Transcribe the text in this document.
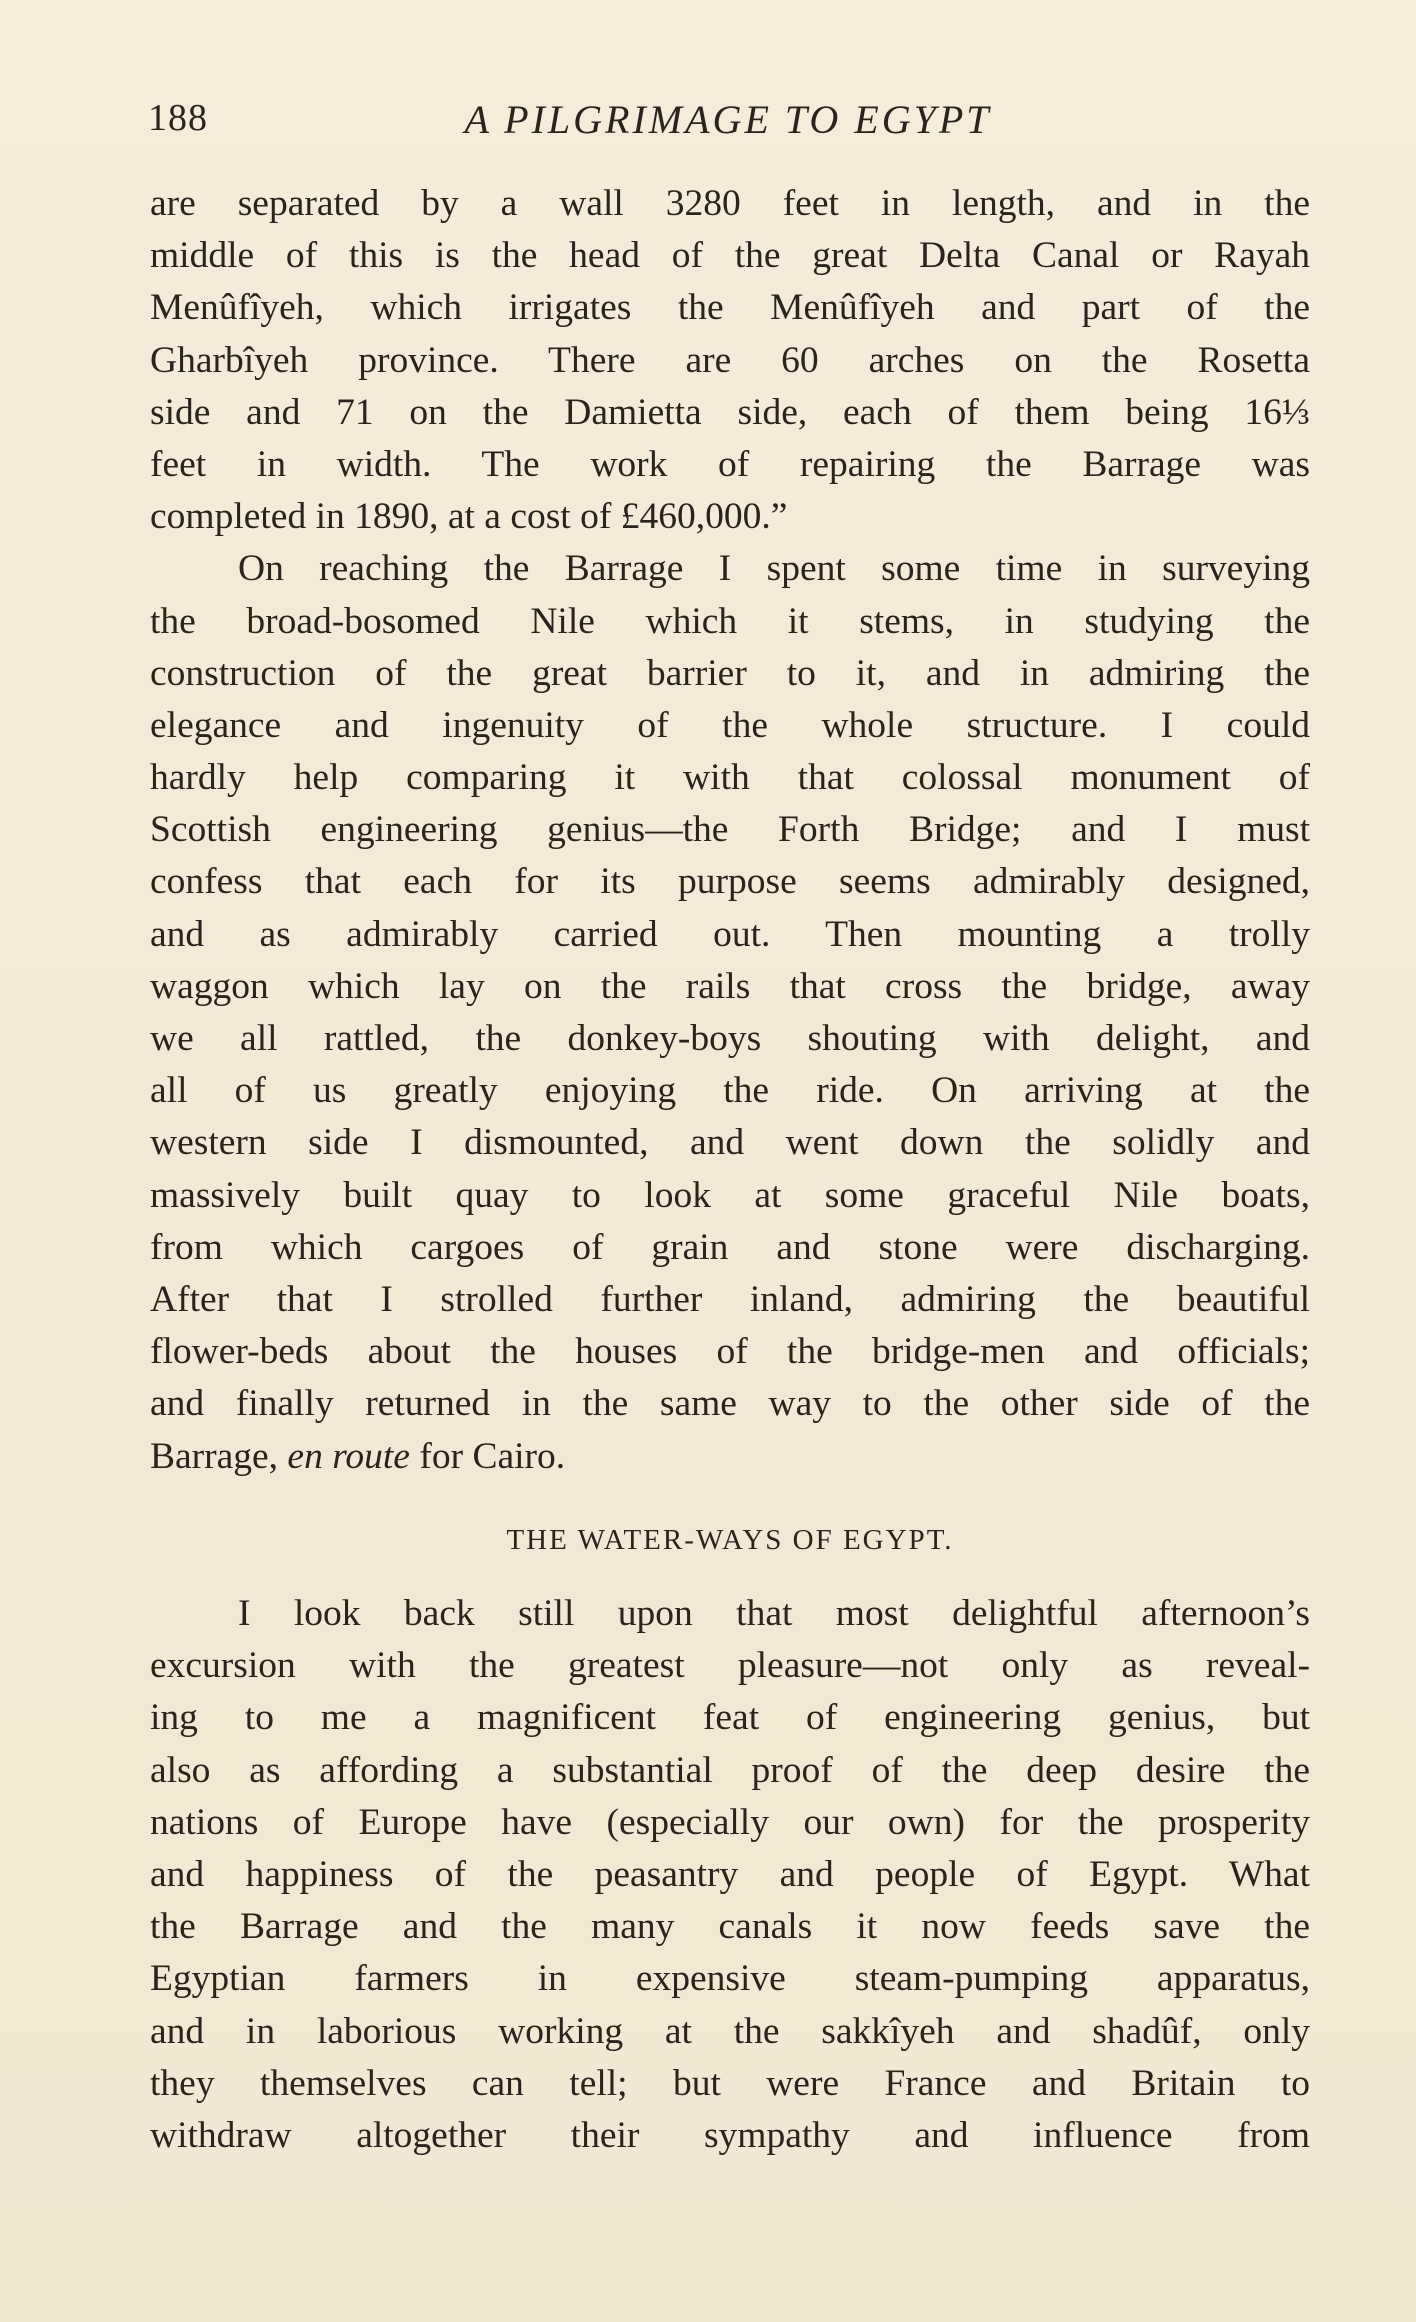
188	A PILGRIMAGE TO EGYPT
are separated by a wall 3280 feet in length, and in the
middle of this is the head of the great Delta Canal or Rayah
Menûfîyeh, which irrigates the Menûfîyeh and part of the
Gharbîyeh province. There are 60 arches on the Rosetta
side and 71 on the Damietta side, each of them being 16⅓
feet in width. The work of repairing the Barrage was
completed in 1890, at a cost of £460,000.”
On reaching the Barrage I spent some time in surveying
the broad-bosomed Nile which it stems, in studying the
construction of the great barrier to it, and in admiring the
elegance and ingenuity of the whole structure. I could
hardly help comparing it with that colossal monument of
Scottish engineering genius—the Forth Bridge; and I must
confess that each for its purpose seems admirably designed,
and as admirably carried out. Then mounting a trolly
waggon which lay on the rails that cross the bridge, away
we all rattled, the donkey-boys shouting with delight, and
all of us greatly enjoying the ride. On arriving at the
western side I dismounted, and went down the solidly and
massively built quay to look at some graceful Nile boats,
from which cargoes of grain and stone were discharging.
After that I strolled further inland, admiring the beautiful
flower-beds about the houses of the bridge-men and officials;
and finally returned in the same way to the other side of the
Barrage, en route for Cairo.
THE WATER-WAYS OF EGYPT.
I look back still upon that most delightful afternoon’s
excursion with the greatest pleasure—not only as reveal-
ing to me a magnificent feat of engineering genius, but
also as affording a substantial proof of the deep desire the
nations of Europe have (especially our own) for the prosperity
and happiness of the peasantry and people of Egypt. What
the Barrage and the many canals it now feeds save the
Egyptian farmers in expensive steam-pumping apparatus,
and in laborious working at the sakkîyeh and shadûf, only
they themselves can tell; but were France and Britain to
withdraw altogether their sympathy and influence from
